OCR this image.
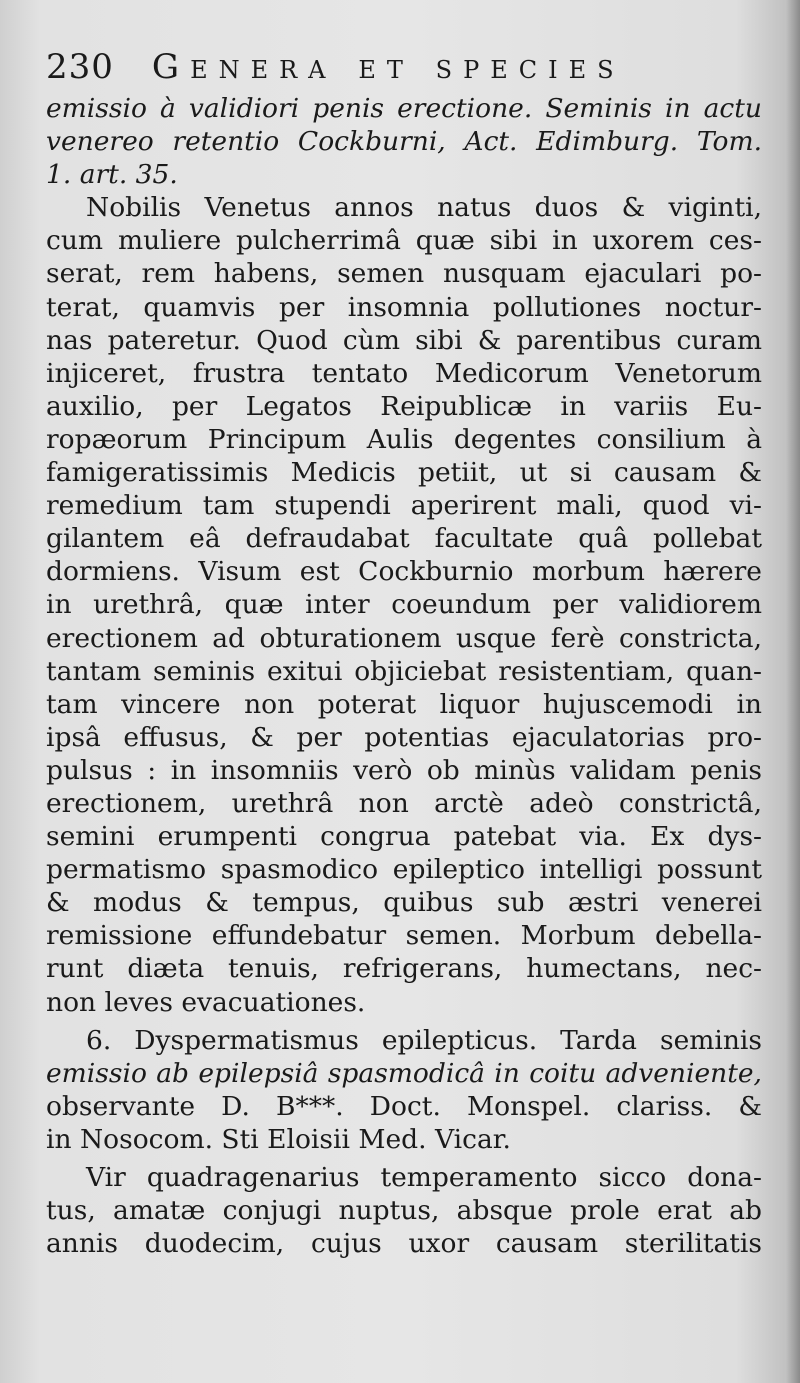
230 Genera et species
emissio à validiori penis erectione. Seminis in actu
venereo retentio Cockburni, Act. Edimburg. Tom.
1. art. 35.
Nobilis Venetus annos natus duos & viginti,
cum muliere pulcherrimâ quæ sibi in uxorem ces-
serat, rem habens, semen nusquam ejaculari po-
terat, quamvis per insomnia pollutiones noctur-
nas pateretur. Quod cùm sibi & parentibus curam
injiceret, frustra tentato Medicorum Venetorum
auxilio, per Legatos Reipublicæ in variis Eu-
ropæorum Principum Aulis degentes consilium à
famigeratissimis Medicis petiit, ut si causam &
remedium tam stupendi aperirent mali, quod vi-
gilantem eâ defraudabat facultate quâ pollebat
dormiens. Visum est Cockburnio morbum hærere
in urethrâ, quæ inter coeundum per validiorem
erectionem ad obturationem usque ferè constricta,
tantam seminis exitui objiciebat resistentiam, quan-
tam vincere non poterat liquor hujuscemodi in
ipsâ effusus, & per potentias ejaculatorias pro-
pulsus : in insomniis verò ob minùs validam penis
erectionem, urethrâ non arctè adeò constrictâ,
semini erumpenti congrua patebat via. Ex dys-
permatismo spasmodico epileptico intelligi possunt
& modus & tempus, quibus sub æstri venerei
remissione effundebatur semen. Morbum debella-
runt diæta tenuis, refrigerans, humectans, nec-
non leves evacuationes.
6. Dyspermatismus epilepticus. Tarda seminis
emissio ab epilepsiâ spasmodicâ in coitu adveniente,
observante D. B***. Doct. Monspel. clariss. &
in Nosocom. Sti Eloisii Med. Vicar.
Vir quadragenarius temperamento sicco dona-
tus, amatæ conjugi nuptus, absque prole erat ab
annis duodecim, cujus uxor causam sterilitatis
